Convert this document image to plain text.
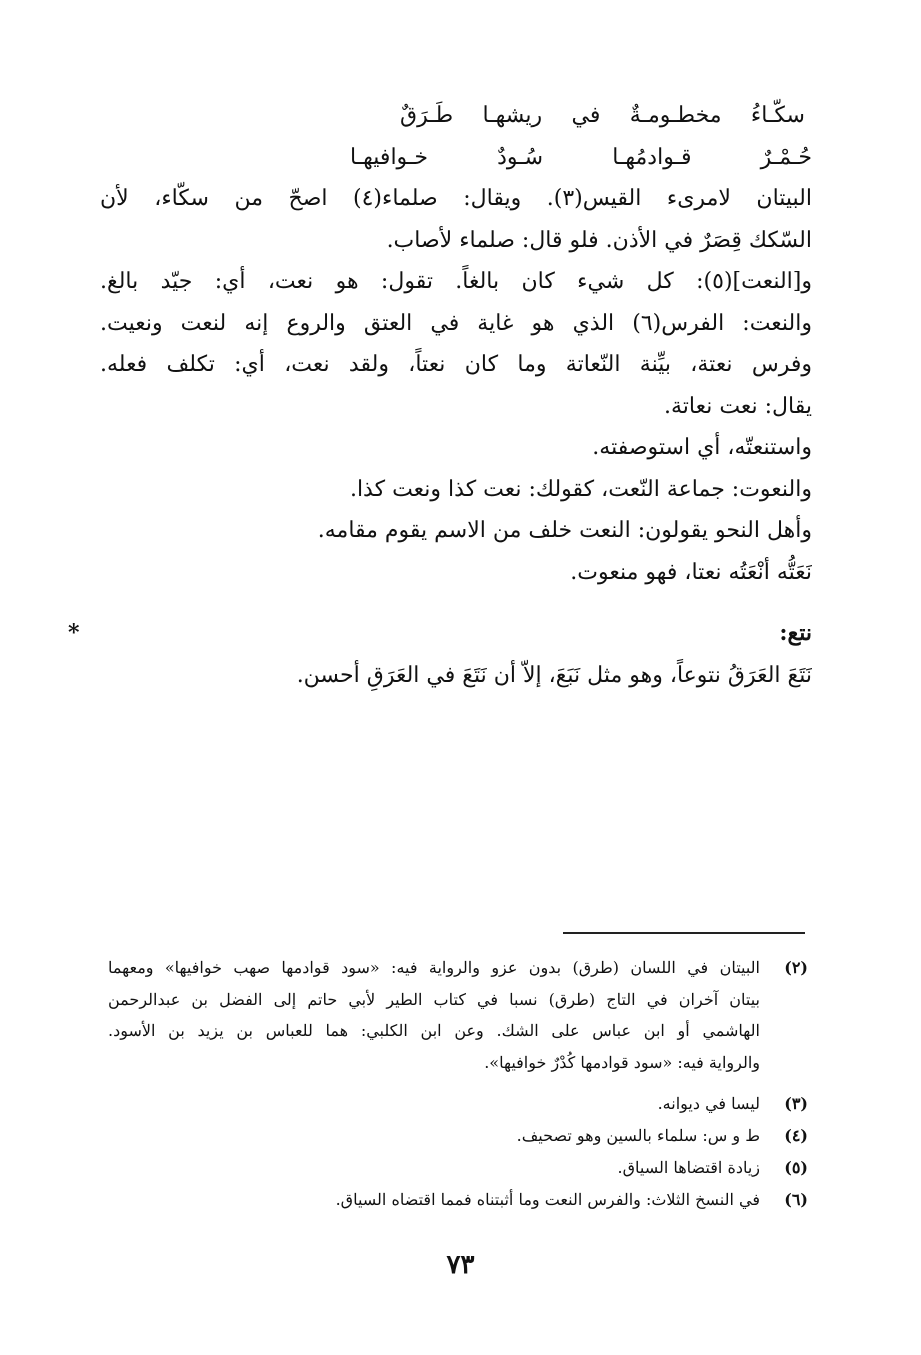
سكّـاءُ مخطـومـةٌ في ريشهـا طَـرَقٌ
حُـمْـرٌ قـوادمُهـا سُـودٌ خـوافيهـا
البيتان لامرىء القيس(٣). ويقال: صلماء(٤) اصحّ من سكّاء، لأن
السّكك قِصَرٌ في الأذن. فلو قال: صلماء لأصاب.
و[النعت](٥): كل شيء كان بالغاً. تقول: هو نعت، أي: جيّد بالغ.
والنعت: الفرس(٦) الذي هو غاية في العتق والروع إنه لنعت ونعيت.
وفرس نعتة، بيِّنة النّعاتة وما كان نعتاً، ولقد نعت، أي: تكلف فعله.
يقال: نعت نعاتة.
واستنعتّه، أي استوصفته.
والنعوت: جماعة النّعت، كقولك: نعت كذا ونعت كذا.
وأهل النحو يقولون: النعت خلف من الاسم يقوم مقامه.
نَعَتُّه أنْعَتُه نعتا، فهو منعوت.
*	نتع:
نَتَعَ العَرَقُ نتوعاً، وهو مثل نَبَعَ، إلاّ أن نَتَعَ في العَرَقِ أحسن.
(٢)
البيتان في اللسان (طرق) بدون عزو والرواية فيه: «سود قوادمها صهب خوافيها» ومعهما
بيتان آخران في التاج (طرق) نسبا في كتاب الطير لأبي حاتم إلى الفضل بن عبدالرحمن
الهاشمي أو ابن عباس على الشك. وعن ابن الكلبي: هما للعباس بن يزيد بن الأسود.
والرواية فيه: «سود قوادمها كُدْرٌ خوافيها».
(٣)
ليسا في ديوانه.
(٤)
ط و س: سلماء بالسين وهو تصحيف.
(٥)
زيادة اقتضاها السياق.
(٦)
في النسخ الثلاث: والفرس النعت وما أثبتناه فمما اقتضاه السياق.
٧٣
